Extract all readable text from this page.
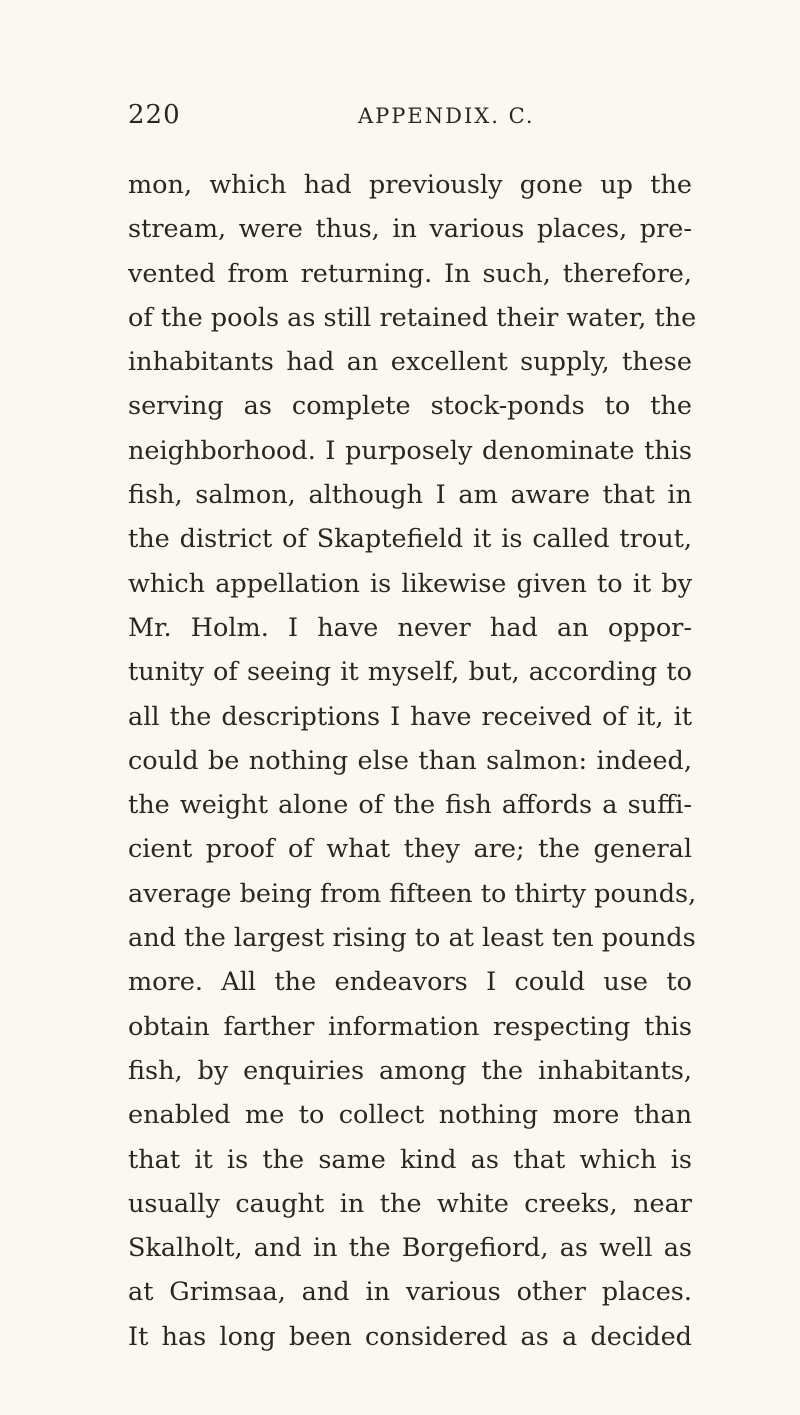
220	APPENDIX. C.
mon, which had previously gone up the
stream, were thus, in various places, pre-
vented from returning. In such, therefore,
of the pools as still retained their water, the
inhabitants had an excellent supply, these
serving as complete stock-ponds to the
neighborhood. I purposely denominate this
fish, salmon, although I am aware that in
the district of Skaptefield it is called trout,
which appellation is likewise given to it by
Mr. Holm. I have never had an oppor-
tunity of seeing it myself, but, according to
all the descriptions I have received of it, it
could be nothing else than salmon: indeed,
the weight alone of the fish affords a suffi-
cient proof of what they are; the general
average being from fifteen to thirty pounds,
and the largest rising to at least ten pounds
more. All the endeavors I could use to
obtain farther information respecting this
fish, by enquiries among the inhabitants,
enabled me to collect nothing more than
that it is the same kind as that which is
usually caught in the white creeks, near
Skalholt, and in the Borgefiord, as well as
at Grimsaa, and in various other places.
It has long been considered as a decided
